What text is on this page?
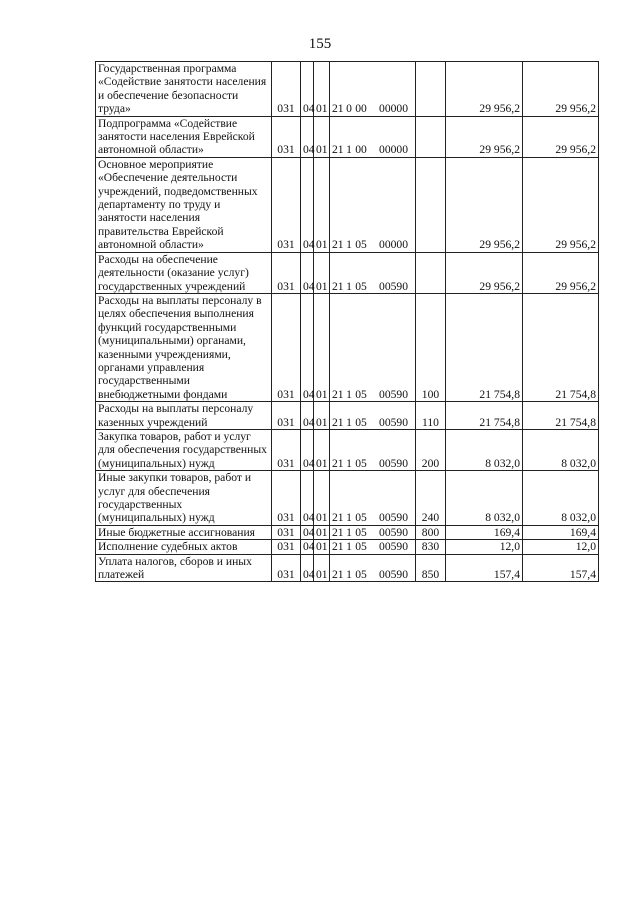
155
Государственная программа «Содействие занятости населения и обеспечение безопасности труда»	031	04	01	21 0 00 00000		29 956,2	29 956,2
Подпрограмма «Содействие занятости населения Еврейской автономной области»	031	04	01	21 1 00 00000		29 956,2	29 956,2
Основное мероприятие «Обеспечение деятельности учреждений, подведомственных департаменту по труду и занятости населения правительства Еврейской автономной области»	031	04	01	21 1 05 00000		29 956,2	29 956,2
Расходы на обеспечение деятельности (оказание услуг) государственных учреждений	031	04	01	21 1 05 00590		29 956,2	29 956,2
Расходы на выплаты персоналу в целях обеспечения выполнения функций государственными (муниципальными) органами, казенными учреждениями, органами управления государственными внебюджетными фондами	031	04	01	21 1 05 00590	100	21 754,8	21 754,8
Расходы на выплаты персоналу казенных учреждений	031	04	01	21 1 05 00590	110	21 754,8	21 754,8
Закупка товаров, работ и услуг для обеспечения государственных (муниципальных) нужд	031	04	01	21 1 05 00590	200	8 032,0	8 032,0
Иные закупки товаров, работ и услуг для обеспечения государственных (муниципальных) нужд	031	04	01	21 1 05 00590	240	8 032,0	8 032,0
Иные бюджетные ассигнования	031	04	01	21 1 05 00590	800	169,4	169,4
Исполнение судебных актов	031	04	01	21 1 05 00590	830	12,0	12,0
Уплата налогов, сборов и иных платежей	031	04	01	21 1 05 00590	850	157,4	157,4
